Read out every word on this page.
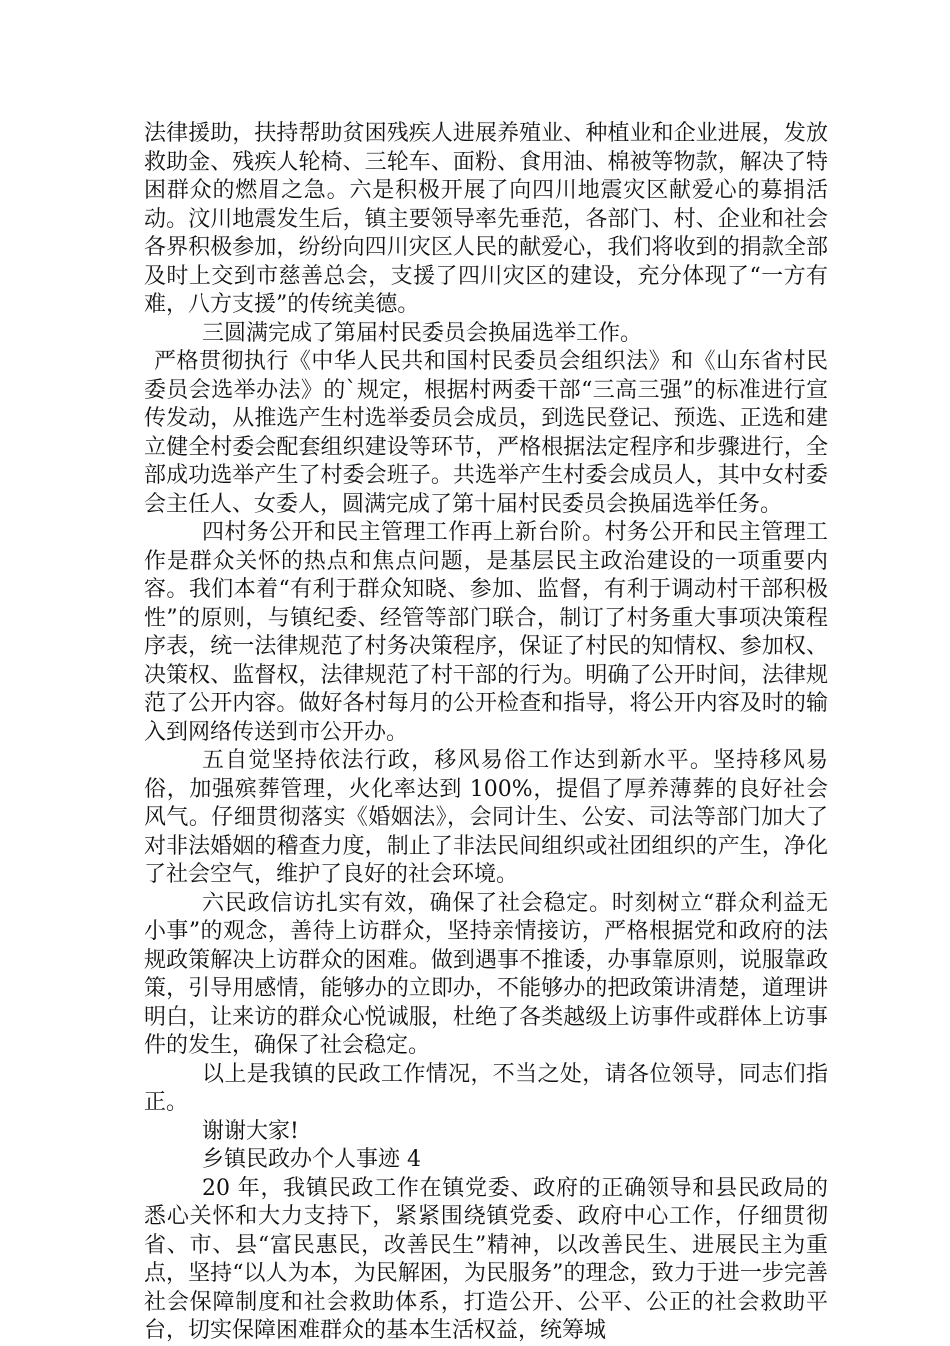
法律援助，扶持帮助贫困残疾人进展养殖业、种植业和企业进展，发放救助金、残疾人轮椅、三轮车、面粉、食用油、棉被等物款，解决了特困群众的燃眉之急。六是积极开展了向四川地震灾区献爱心的募捐活动。汶川地震发生后，镇主要领导率先垂范，各部门、村、企业和社会各界积极参加，纷纷向四川灾区人民的献爱心，我们将收到的捐款全部及时上交到市慈善总会，支援了四川灾区的建设，充分体现了“一方有难，八方支援”的传统美德。

三圆满完成了第届村民委员会换届选举工作。

严格贯彻执行《中华人民共和国村民委员会组织法》和《山东省村民委员会选举办法》的`规定，根据村两委干部“三高三强”的标准进行宣传发动，从推选产生村选举委员会成员，到选民登记、预选、正选和建立健全村委会配套组织建设等环节，严格根据法定程序和步骤进行，全部成功选举产生了村委会班子。共选举产生村委会成员人，其中女村委会主任人、女委人，圆满完成了第十届村民委员会换届选举任务。

四村务公开和民主管理工作再上新台阶。村务公开和民主管理工作是群众关怀的热点和焦点问题，是基层民主政治建设的一项重要内容。我们本着“有利于群众知晓、参加、监督，有利于调动村干部积极性”的原则，与镇纪委、经管等部门联合，制订了村务重大事项决策程序表，统一法律规范了村务决策程序，保证了村民的知情权、参加权、决策权、监督权，法律规范了村干部的行为。明确了公开时间，法律规范了公开内容。做好各村每月的公开检查和指导，将公开内容及时的输入到网络传送到市公开办。

五自觉坚持依法行政，移风易俗工作达到新水平。坚持移风易俗，加强殡葬管理，火化率达到 100%，提倡了厚养薄葬的良好社会风气。仔细贯彻落实《婚姻法》，会同计生、公安、司法等部门加大了对非法婚姻的稽查力度，制止了非法民间组织或社团组织的产生，净化了社会空气，维护了良好的社会环境。

六民政信访扎实有效，确保了社会稳定。时刻树立“群众利益无小事”的观念，善待上访群众，坚持亲情接访，严格根据党和政府的法规政策解决上访群众的困难。做到遇事不推诿，办事靠原则，说服靠政策，引导用感情，能够办的立即办，不能够办的把政策讲清楚，道理讲明白，让来访的群众心悦诚服，杜绝了各类越级上访事件或群体上访事件的发生，确保了社会稳定。

以上是我镇的民政工作情况，不当之处，请各位领导，同志们指正。

谢谢大家!

乡镇民政办个人事迹 4

20 年，我镇民政工作在镇党委、政府的正确领导和县民政局的悉心关怀和大力支持下，紧紧围绕镇党委、政府中心工作，仔细贯彻省、市、县“富民惠民，改善民生”精神，以改善民生、进展民主为重点，坚持“以人为本，为民解困，为民服务”的理念，致力于进一步完善社会保障制度和社会救助体系，打造公开、公平、公正的社会救助平台，切实保障困难群众的基本生活权益，统筹城
